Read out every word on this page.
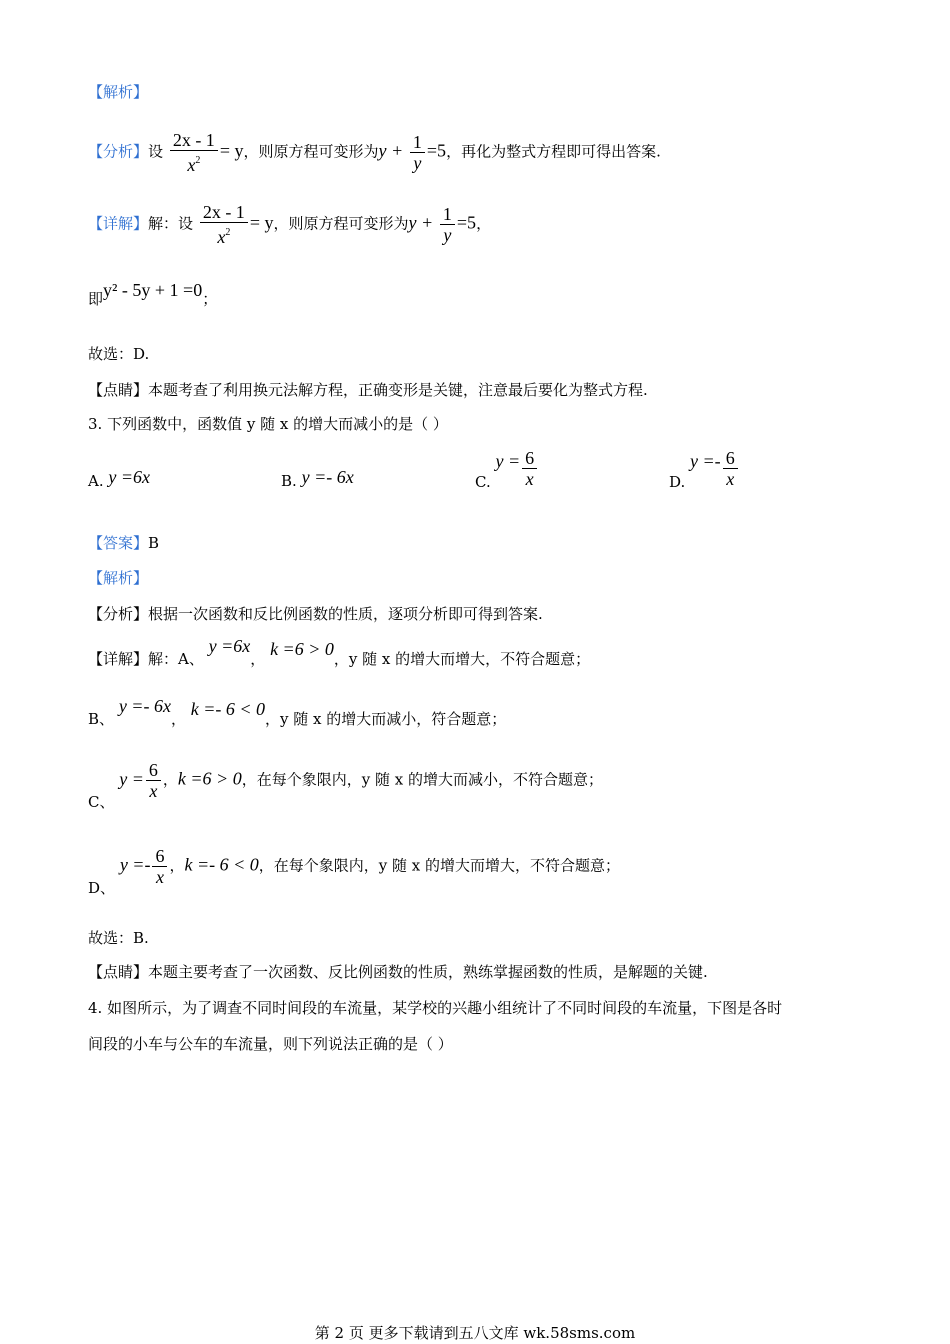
【解析】
【分析】设 $\frac{2x - 1}{x^2} = y$，则原方程可变形为$y + \frac{1}{y} =5$，再化为整式方程即可得出答案.
【详解】解：设 $\frac{2x - 1}{x^2} = y$，则原方程可变形为$y + \frac{1}{y} =5$，
即y² - 5y + 1 =0；
故选：D.
【点睛】本题考查了利用换元法解方程，正确变形是关键，注意最后要化为整式方程.
3. 下列函数中，函数值 y 随 x 的增大而减小的是（ ）
A. y =6x	B. y =- 6x	C. $y = \frac{6}{x}$	D. $y =- \frac{6}{x}$
【答案】B
【解析】
【分析】根据一次函数和反比例函数的性质，逐项分析即可得到答案.
【详解】解：A、 y =6x， k =6 > 0，y 随 x 的增大而增大，不符合题意；
B、 y =- 6x， k =- 6 < 0，y 随 x 的增大而减小，符合题意；
C、 $y = \frac{6}{x}$ ，k =6 > 0，在每个象限内，y 随 x 的增大而减小，不符合题意；
D、 $y =- \frac{6}{x}$ ，k =- 6 < 0，在每个象限内，y 随 x 的增大而增大，不符合题意；
故选：B.
【点睛】本题主要考查了一次函数、反比例函数的性质，熟练掌握函数的性质，是解题的关键.
4. 如图所示，为了调查不同时间段的车流量，某学校的兴趣小组统计了不同时间段的车流量，下图是各时
间段的小车与公车的车流量，则下列说法正确的是（ ）
第 2 页 更多下载请到五八文库 wk.58sms.com
